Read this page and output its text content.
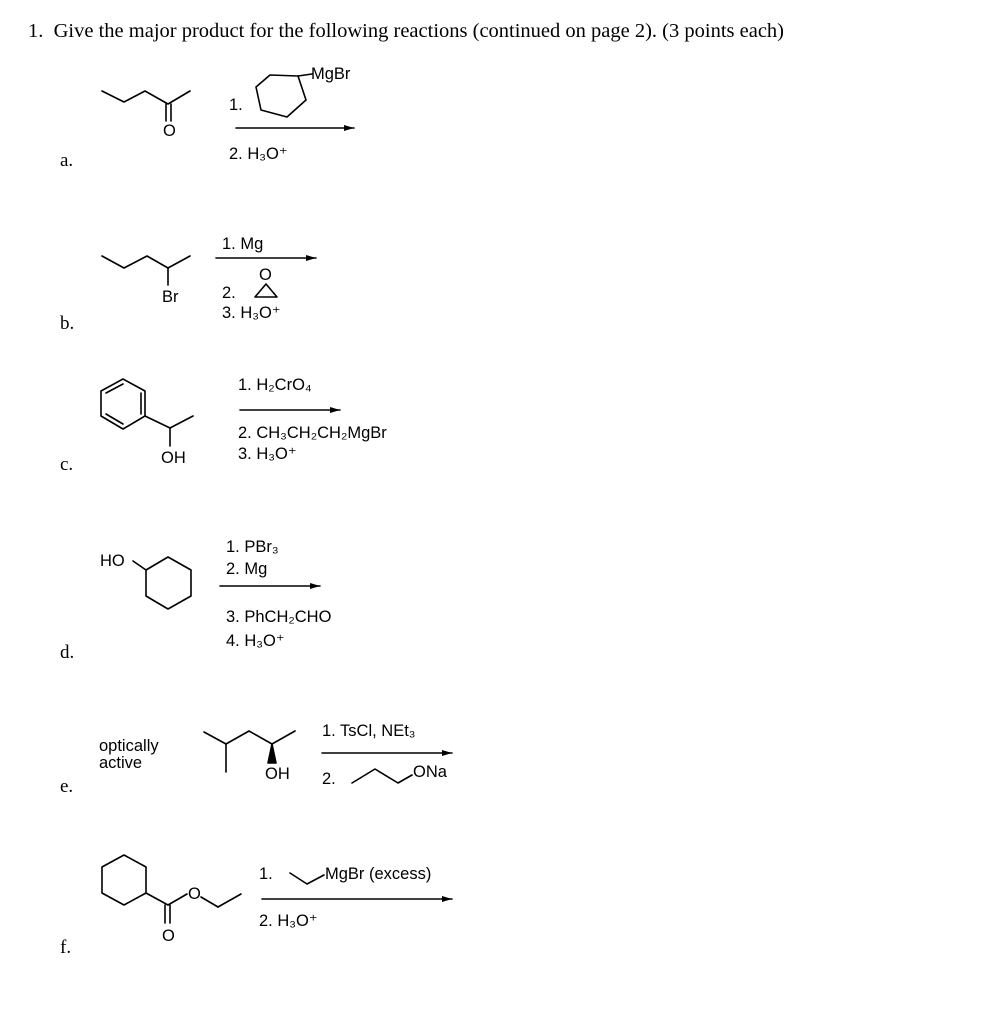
1. Give the major product for the following reactions (continued on page 2). (3 points each)
a.
b.
c.
d.
e.
f.
O
MgBr
1.
2. H₃O⁺
Br
O
1. Mg
2.
3. H₃O⁺
OH
1. H₂CrO₄
2. CH₃CH₂CH₂MgBr
3. H₃O⁺
HO
1. PBr₃
2. Mg
3. PhCH₂CHO
4. H₃O⁺
optically
active
OH	ONa
1. TsCl, NEt₃
2.
O
O
MgBr (excess)
1.
2. H₃O⁺
